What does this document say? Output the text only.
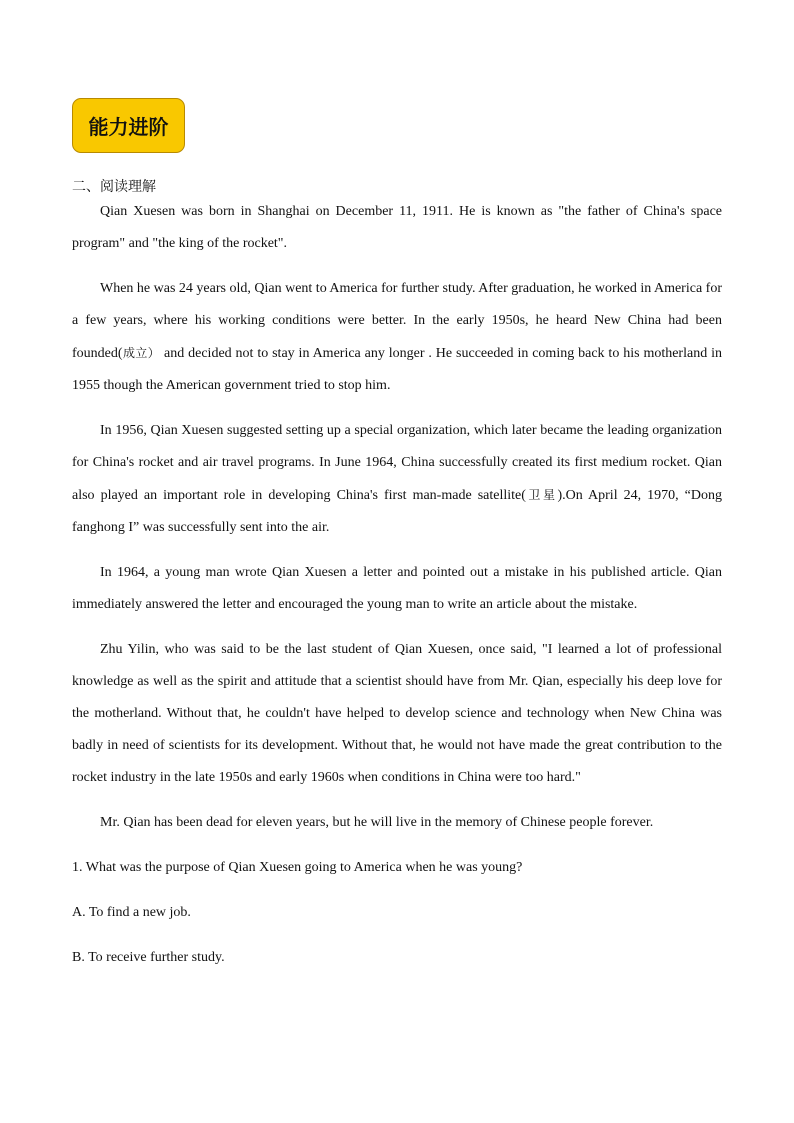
能力进阶
二、阅读理解

Qian Xuesen was born in Shanghai on December 11, 1911. He is known as "the father of China's space program" and "the king of the rocket".

When he was 24 years old, Qian went to America for further study. After graduation, he worked in America for a few years, where his working conditions were better. In the early 1950s, he heard New China had been founded(成立） and decided not to stay in America any longer . He succeeded in coming back to his motherland in 1955 though the American government tried to stop him.

In 1956, Qian Xuesen suggested setting up a special organization, which later became the leading organization for China's rocket and air travel programs. In June 1964, China successfully created its first medium rocket. Qian also played an important role in developing China's first man-made satellite(卫星).On April 24, 1970, “Dong fanghong I” was successfully sent into the air.

In 1964, a young man wrote Qian Xuesen a letter and pointed out a mistake in his published article. Qian immediately answered the letter and encouraged the young man to write an article about the mistake.

Zhu Yilin, who was said to be the last student of Qian Xuesen, once said, "I learned a lot of professional knowledge as well as the spirit and attitude that a scientist should have from Mr. Qian, especially his deep love for the motherland. Without that, he couldn't have helped to develop science and technology when New China was badly in need of scientists for its development. Without that, he would not have made the great contribution to the rocket industry in the late 1950s and early 1960s when conditions in China were too hard."

Mr. Qian has been dead for eleven years, but he will live in the memory of Chinese people forever.

1. What was the purpose of Qian Xuesen going to America when he was young?

A. To find a new job.

B. To receive further study.
